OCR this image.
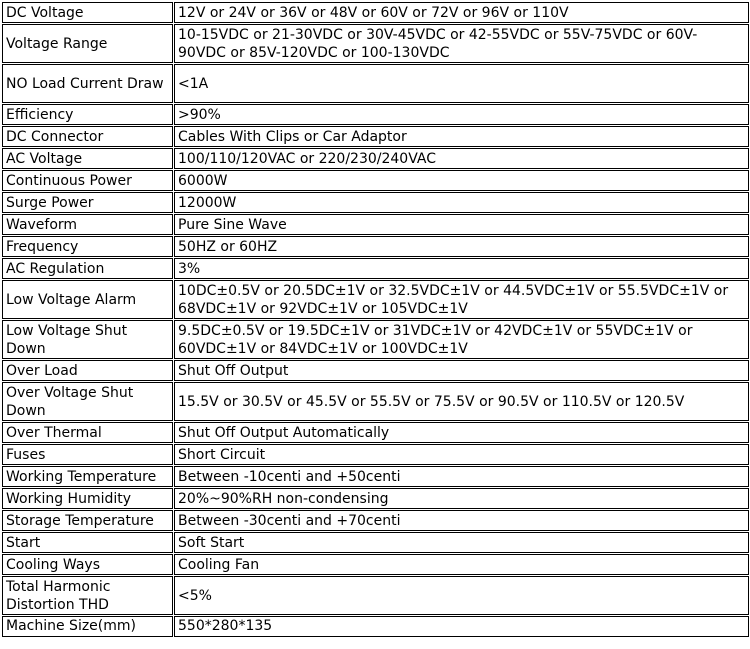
DC Voltage	12V or 24V or 36V or 48V or 60V or 72V or 96V or 110V
Voltage Range	10-15VDC or 21-30VDC or 30V-45VDC or 42-55VDC or 55V-75VDC or 60V-90VDC or 85V-120VDC or 100-130VDC
NO Load Current Draw	<1A
Efficiency	>90%
DC Connector	Cables With Clips or Car Adaptor
AC Voltage	100/110/120VAC or 220/230/240VAC
Continuous Power	6000W
Surge Power	12000W
Waveform	Pure Sine Wave
Frequency	50HZ or 60HZ
AC Regulation	3%
Low Voltage Alarm	10DC±0.5V or 20.5DC±1V or 32.5VDC±1V or 44.5VDC±1V or 55.5VDC±1V or 68VDC±1V or 92VDC±1V or 105VDC±1V
Low Voltage Shut Down	9.5DC±0.5V or 19.5DC±1V or 31VDC±1V or 42VDC±1V or 55VDC±1V or 60VDC±1V or 84VDC±1V or 100VDC±1V
Over Load	Shut Off Output
Over Voltage Shut Down	15.5V or 30.5V or 45.5V or 55.5V or 75.5V or 90.5V or 110.5V or 120.5V
Over Thermal	Shut Off Output Automatically
Fuses	Short Circuit
Working Temperature	Between -10centi and +50centi
Working Humidity	20%~90%RH non-condensing
Storage Temperature	Between -30centi and +70centi
Start	Soft Start
Cooling Ways	Cooling Fan
Total Harmonic Distortion THD	<5%
Machine Size(mm)	550*280*135
